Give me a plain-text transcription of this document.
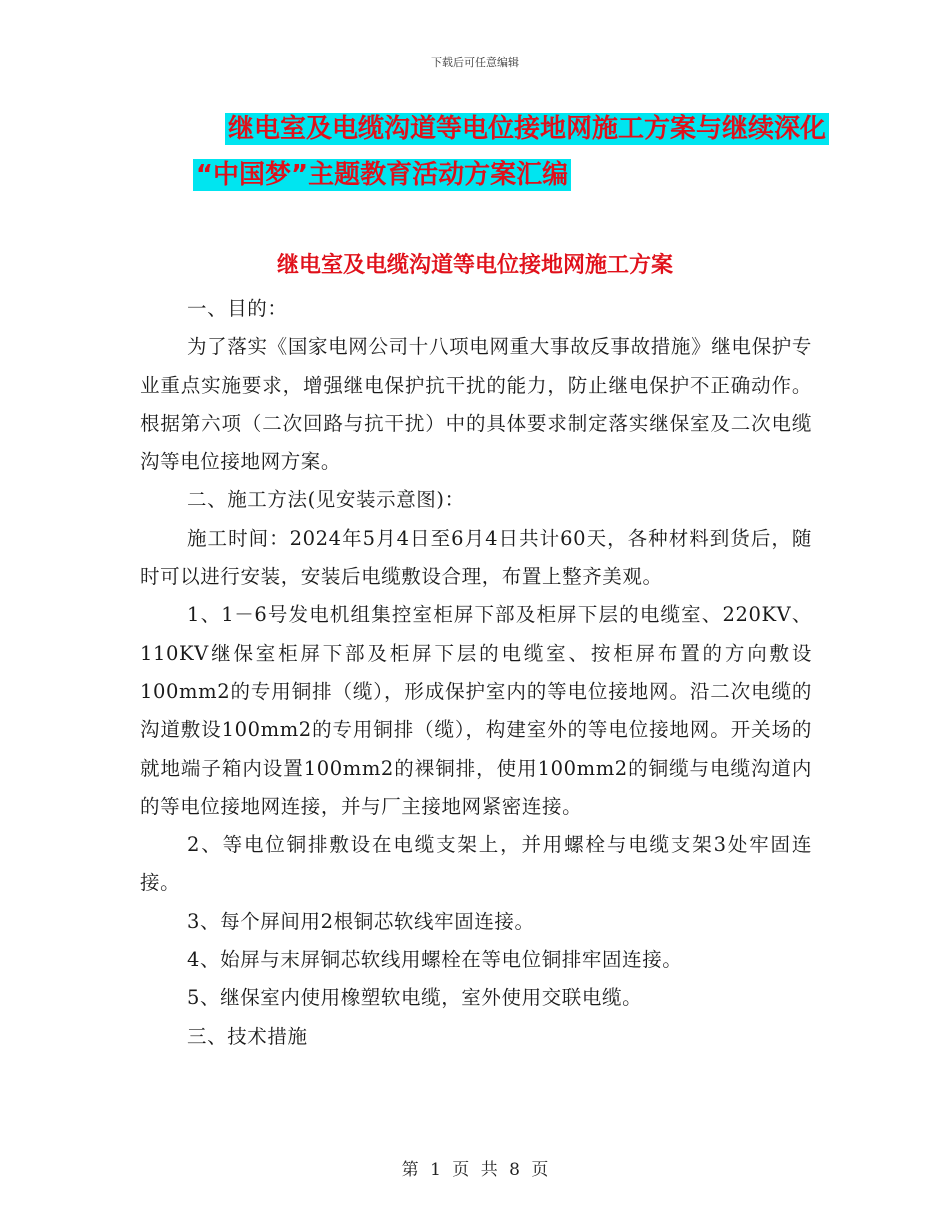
下载后可任意编辑
继电室及电缆沟道等电位接地网施工方案与继续深化
“中国梦”主题教育活动方案汇编
继电室及电缆沟道等电位接地网施工方案

一、目的：

为了落实《国家电网公司十八项电网重大事故反事故措施》继电保护专业重点实施要求，增强继电保护抗干扰的能力，防止继电保护不正确动作。根据第六项（二次回路与抗干扰）中的具体要求制定落实继保室及二次电缆沟等电位接地网方案。

二、施工方法(见安装示意图)：

施工时间：2024年5月4日至6月4日共计60天，各种材料到货后，随时可以进行安装，安装后电缆敷设合理，布置上整齐美观。

1、1－6号发电机组集控室柜屏下部及柜屏下层的电缆室、220KV、110KV继保室柜屏下部及柜屏下层的电缆室、按柜屏布置的方向敷设100mm2的专用铜排（缆），形成保护室内的等电位接地网。沿二次电缆的沟道敷设100mm2的专用铜排（缆），构建室外的等电位接地网。开关场的就地端子箱内设置100mm2的裸铜排，使用100mm2的铜缆与电缆沟道内的等电位接地网连接，并与厂主接地网紧密连接。

2、等电位铜排敷设在电缆支架上，并用螺栓与电缆支架3处牢固连接。

3、每个屏间用2根铜芯软线牢固连接。

4、始屏与末屏铜芯软线用螺栓在等电位铜排牢固连接。

5、继保室内使用橡塑软电缆，室外使用交联电缆。

三、技术措施

第 1 页 共 8 页
